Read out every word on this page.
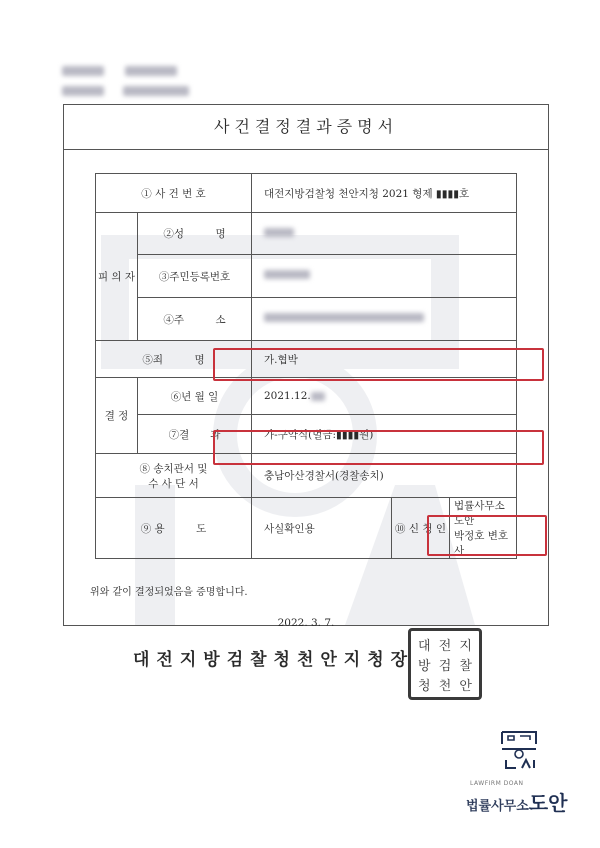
사건결정결과증명서
① 사 건 번 호		대전지방검찰청 천안지청 2021 형제 ▮▮▮▮호		
피 의 자	②성　　　명			
	③주민등록번호			
	④주　　　소			
⑤죄　　　명		가.협박		
결 정	⑥년 월 일	2021.12.		
	⑦결　　과	가-구약식(벌금:▮▮▮▮원)		

⑧ 송치관서 및
수 사 단 서		충남아산경찰서(경찰송치)		
⑨ 용　　　도		사실확인용	⑩ 신 청 인	법률사무소　도안
박정호 변호사
위와 같이 결정되었음을 증명합니다.
2022. 3. 7.
대전지방검찰청천안지청장
대 전 지
방 검 찰
청 천 안
LAWFIRM DOAN
법률사무소도안
